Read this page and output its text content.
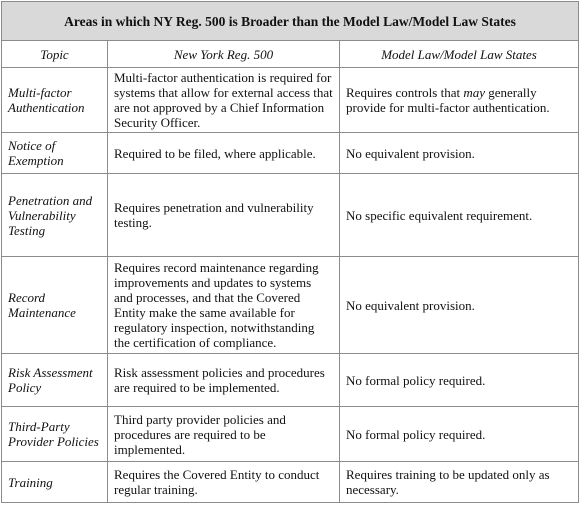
Areas in which NY Reg. 500 is Broader than the Model Law/Model Law States		
Topic	New York Reg. 500	Model Law/Model Law States
Multi-factor Authentication	Multi-factor authentication is required for systems that allow for external access that are not approved by a Chief Information Security Officer.	Requires controls that may generally provide for multi-factor authentication.
Notice of Exemption	Required to be filed, where applicable.	No equivalent provision.
Penetration and Vulnerability Testing	Requires penetration and vulnerability testing.	No specific equivalent requirement.
Record Maintenance	Requires record maintenance regarding improvements and updates to systems and processes, and that the Covered Entity make the same available for regulatory inspection, notwithstanding the certification of compliance.	No equivalent provision.
Risk Assessment Policy	Risk assessment policies and procedures are required to be implemented.	No formal policy required.
Third-Party Provider Policies	Third party provider policies and procedures are required to be implemented.	No formal policy required.
Training	Requires the Covered Entity to conduct regular training.	Requires training to be updated only as necessary.
